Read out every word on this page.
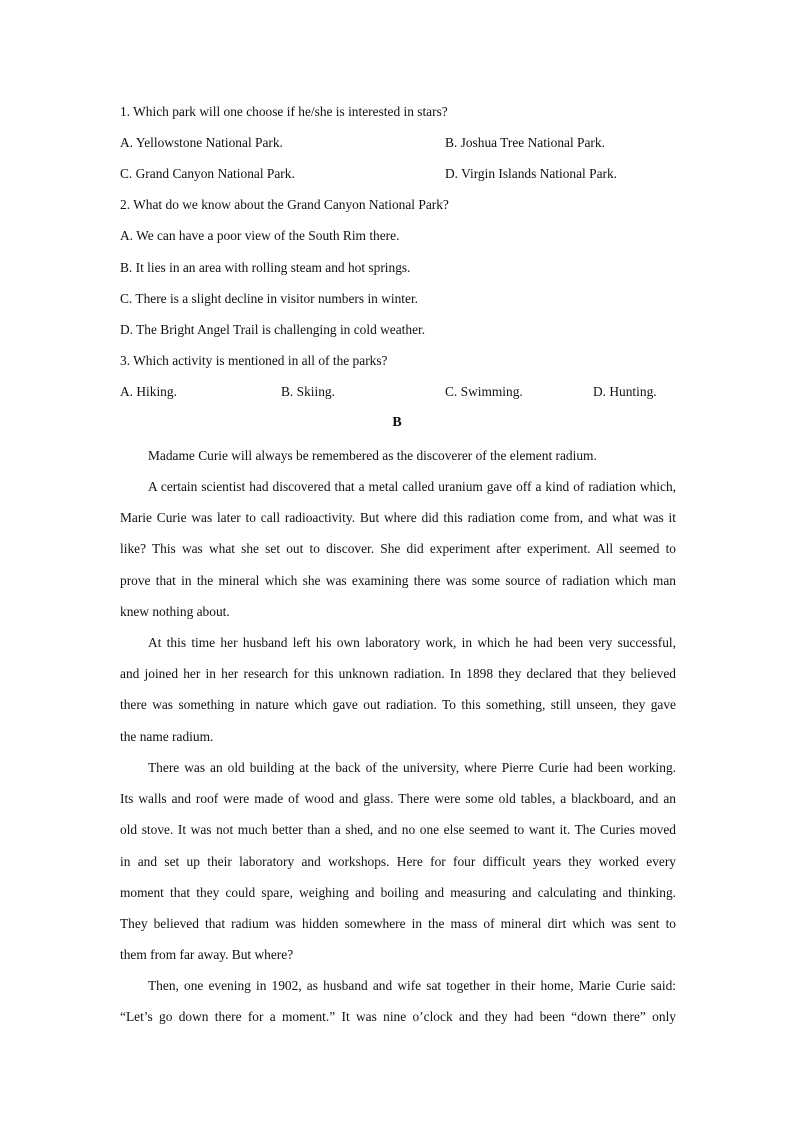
1. Which park will one choose if he/she is interested in stars?
A. Yellowstone National Park.	B. Joshua Tree National Park.
C. Grand Canyon National Park.	D. Virgin Islands National Park.
2. What do we know about the Grand Canyon National Park?
A. We can have a poor view of the South Rim there.
B. It lies in an area with rolling steam and hot springs.
C. There is a slight decline in visitor numbers in winter.
D. The Bright Angel Trail is challenging in cold weather.
3. Which activity is mentioned in all of the parks?
A. Hiking.	B. Skiing.	C. Swimming.	D. Hunting.
B
Madame Curie will always be remembered as the discoverer of the element radium.
A certain scientist had discovered that a metal called uranium gave off a kind of radiation which,
Marie Curie was later to call radioactivity. But where did this radiation come from, and what was it
like? This was what she set out to discover. She did experiment after experiment. All seemed to
prove that in the mineral which she was examining there was some source of radiation which man
knew nothing about.
At this time her husband left his own laboratory work, in which he had been very successful,
and joined her in her research for this unknown radiation. In 1898 they declared that they believed
there was something in nature which gave out radiation. To this something, still unseen, they gave
the name radium.
There was an old building at the back of the university, where Pierre Curie had been working.
Its walls and roof were made of wood and glass. There were some old tables, a blackboard, and an
old stove. It was not much better than a shed, and no one else seemed to want it. The Curies moved
in and set up their laboratory and workshops. Here for four difficult years they worked every
moment that they could spare, weighing and boiling and measuring and calculating and thinking.
They believed that radium was hidden somewhere in the mass of mineral dirt which was sent to
them from far away. But where?
Then, one evening in 1902, as husband and wife sat together in their home, Marie Curie said:
“Let’s go down there for a moment.” It was nine o’clock and they had been “down there” only
